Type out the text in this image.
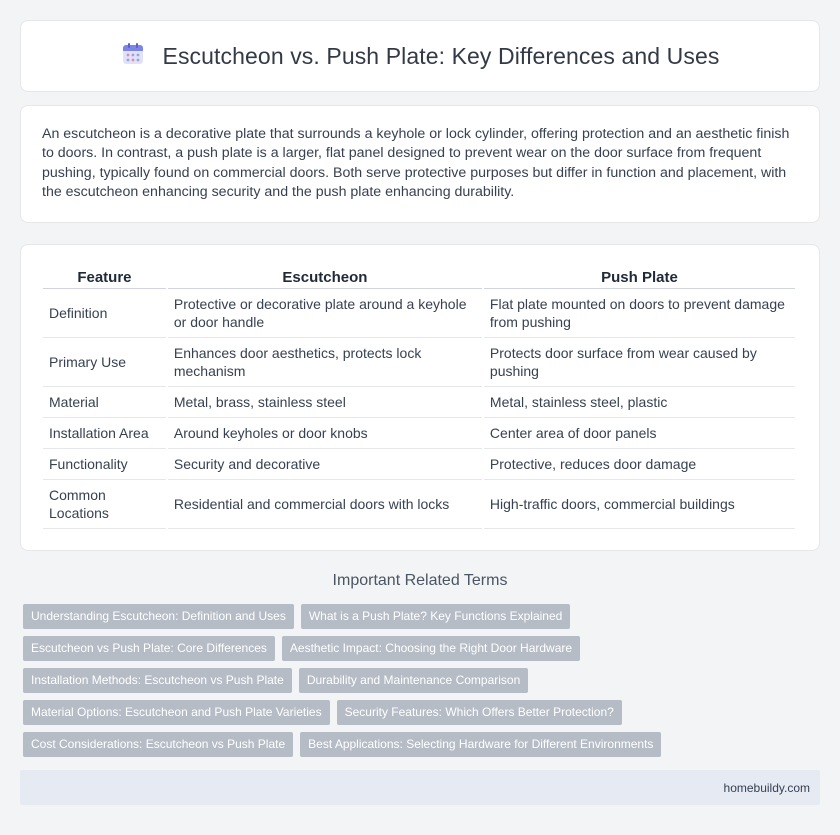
Escutcheon vs. Push Plate: Key Differences and Uses

An escutcheon is a decorative plate that surrounds a keyhole or lock cylinder, offering protection and an aesthetic finish to doors. In contrast, a push plate is a larger, flat panel designed to prevent wear on the door surface from frequent pushing, typically found on commercial doors. Both serve protective purposes but differ in function and placement, with the escutcheon enhancing security and the push plate enhancing durability.

Feature	Escutcheon	Push Plate
Definition	Protective or decorative plate around a keyhole or door handle	Flat plate mounted on doors to prevent damage from pushing
Primary Use	Enhances door aesthetics, protects lock mechanism	Protects door surface from wear caused by pushing
Material	Metal, brass, stainless steel	Metal, stainless steel, plastic
Installation Area	Around keyholes or door knobs	Center area of door panels
Functionality	Security and decorative	Protective, reduces door damage
Common Locations	Residential and commercial doors with locks	High-traffic doors, commercial buildings
Important Related Terms
Understanding Escutcheon: Definition and Uses	What is a Push Plate? Key Functions Explained
Escutcheon vs Push Plate: Core Differences	Aesthetic Impact: Choosing the Right Door Hardware
Installation Methods: Escutcheon vs Push Plate	Durability and Maintenance Comparison
Material Options: Escutcheon and Push Plate Varieties	Security Features: Which Offers Better Protection?
Cost Considerations: Escutcheon vs Push Plate	Best Applications: Selecting Hardware for Different Environments
homebuildy.com
